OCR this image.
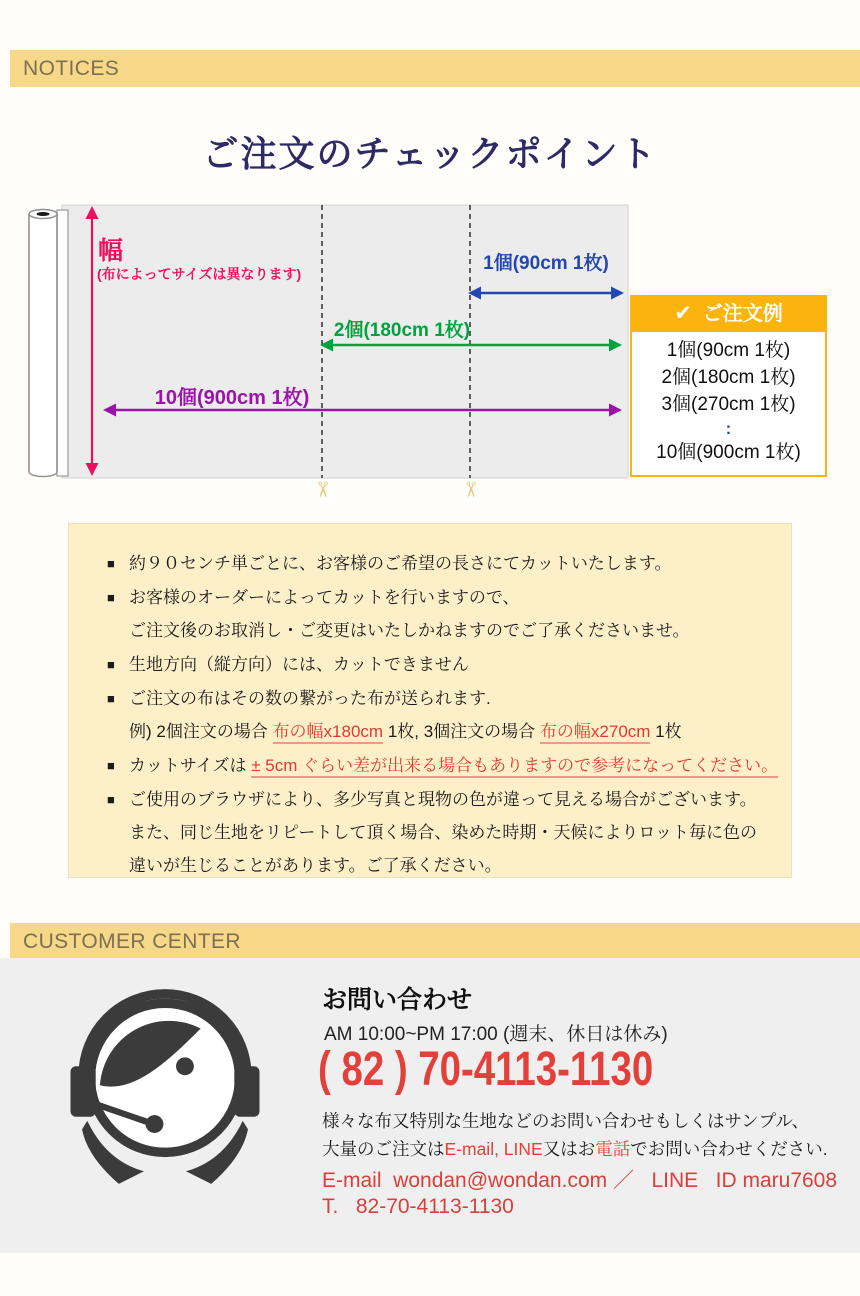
NOTICES
ご注文のチェックポイント
幅
(布によってサイズは異なります)	1個(90cm 1枚)
2個(180cm 1枚)
10個(900cm 1枚)
✂	✂
✔ ご注文例
1個(90cm 1枚)
2個(180cm 1枚)
3個(270cm 1枚)
:
10個(900cm 1枚)
■ 約９０センチ単ごとに、お客様のご希望の長さにてカットいたします。
■ お客様のオーダーによってカットを行いますので、
ご注文後のお取消し・ご変更はいたしかねますのでご了承くださいませ。
■ 生地方向（縦方向）には、カットできません
■ ご注文の布はその数の繋がった布が送られます.
例) 2個注文の場合 布の幅x180cm 1枚, 3個注文の場合 布の幅x270cm 1枚
■ カットサイズは ± 5cm ぐらい差が出来る場合もありますので参考になってください。
■ ご使用のブラウザにより、多少写真と現物の色が違って見える場合がございます。
また、同じ生地をリピートして頂く場合、染めた時期・天候によりロット毎に色の
違いが生じることがあります。ご了承ください。
CUSTOMER CENTER
お問い合わせ
AM 10:00~PM 17:00 (週末、休日は休み)
( 82 ) 70-4113-1130
様々な布又特別な生地などのお問い合わせもしくはサンプル、
大量のご注文はE-mail, LINE又はお電話でお問い合わせください.
E-mail  wondan@wondan.com ／   LINE   ID maru7608
T.   82-70-4113-1130
